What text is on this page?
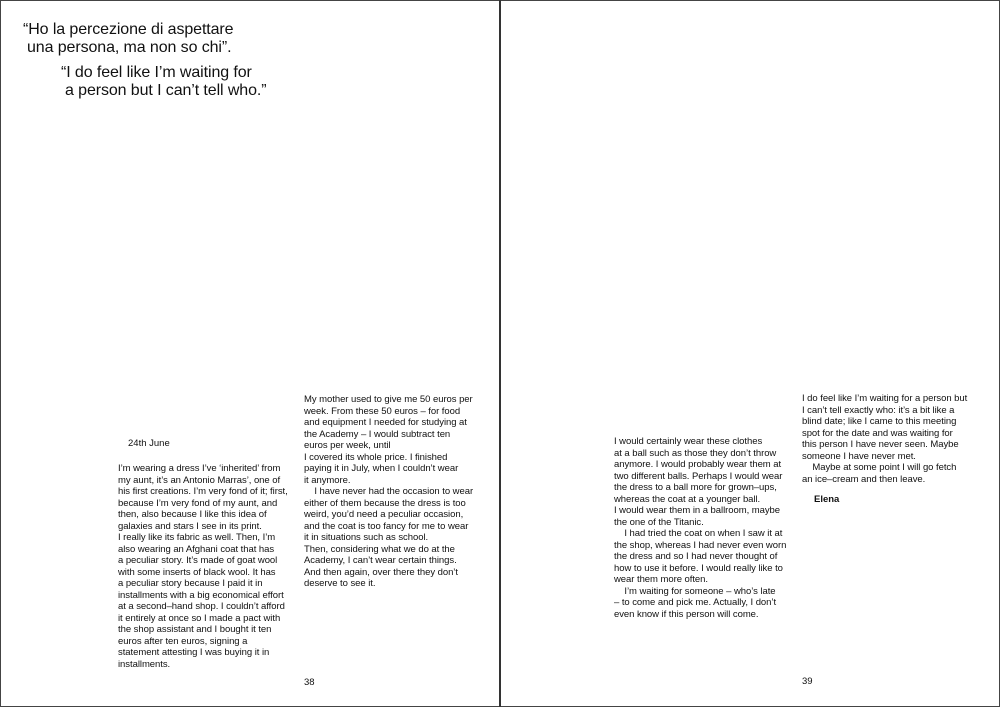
“Ho la percezione di aspettare
una persona, ma non so chi”.
“I do feel like I’m waiting for
a person but I can’t tell who.”
24th June
I’m wearing a dress I’ve ‘inherited’ from
my aunt, it’s an Antonio Marras’, one of
his first creations. I’m very fond of it; first,
because I’m very fond of my aunt, and
then, also because I like this idea of
galaxies and stars I see in its print.
I really like its fabric as well. Then, I’m
also wearing an Afghani coat that has
a peculiar story. It’s made of goat wool
with some inserts of black wool. It has
a peculiar story because I paid it in
installments with a big economical effort
at a second–hand shop. I couldn’t afford
it entirely at once so I made a pact with
the shop assistant and I bought it ten
euros after ten euros, signing a
statement attesting I was buying it in
installments.
My mother used to give me 50 euros per
week. From these 50 euros – for food
and equipment I needed for studying at
the Academy – I would subtract ten
euros per week, until
I covered its whole price. I finished
paying it in July, when I couldn’t wear
it anymore.
I have never had the occasion to wear
either of them because the dress is too
weird, you’d need a peculiar occasion,
and the coat is too fancy for me to wear
it in situations such as school.
Then, considering what we do at the
Academy, I can’t wear certain things.
And then again, over there they don’t
deserve to see it.
38
I would certainly wear these clothes
at a ball such as those they don’t throw
anymore. I would probably wear them at
two different balls. Perhaps I would wear
the dress to a ball more for grown–ups,
whereas the coat at a younger ball.
I would wear them in a ballroom, maybe
the one of the Titanic.
I had tried the coat on when I saw it at
the shop, whereas I had never even worn
the dress and so I had never thought of
how to use it before. I would really like to
wear them more often.
I’m waiting for someone – who’s late
– to come and pick me. Actually, I don’t
even know if this person will come.
I do feel like I’m waiting for a person but
I can’t tell exactly who: it’s a bit like a
blind date; like I came to this meeting
spot for the date and was waiting for
this person I have never seen. Maybe
someone I have never met.
Maybe at some point I will go fetch
an ice–cream and then leave.
Elena
39
